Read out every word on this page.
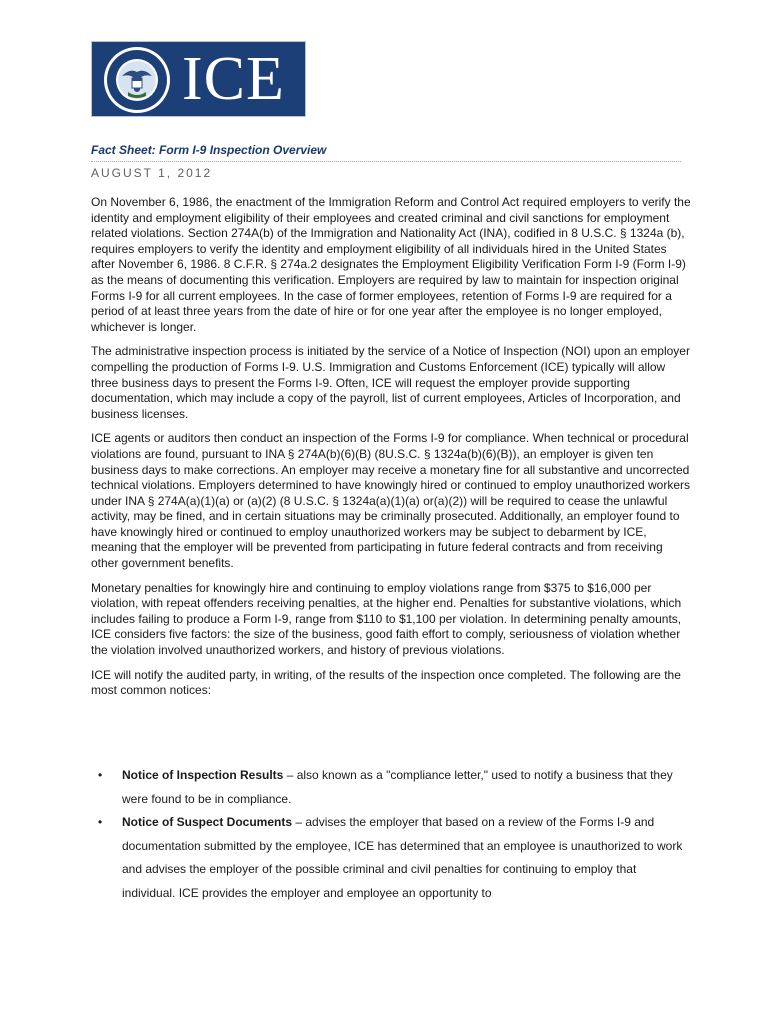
ICE
Fact Sheet: Form I-9 Inspection Overview
AUGUST 1, 2012

On November 6, 1986, the enactment of the Immigration Reform and Control Act required employers to verify the identity and employment eligibility of their employees and created criminal and civil sanctions for employment related violations. Section 274A(b) of the Immigration and Nationality Act (INA), codified in 8 U.S.C. § 1324a (b), requires employers to verify the identity and employment eligibility of all individuals hired in the United States after November 6, 1986. 8 C.F.R. § 274a.2 designates the Employment Eligibility Verification Form I-9 (Form I-9) as the means of documenting this verification. Employers are required by law to maintain for inspection original Forms I-9 for all current employees. In the case of former employees, retention of Forms I-9 are required for a period of at least three years from the date of hire or for one year after the employee is no longer employed, whichever is longer.

The administrative inspection process is initiated by the service of a Notice of Inspection (NOI) upon an employer compelling the production of Forms I-9. U.S. Immigration and Customs Enforcement (ICE) typically will allow three business days to present the Forms I-9. Often, ICE will request the employer provide supporting documentation, which may include a copy of the payroll, list of current employees, Articles of Incorporation, and business licenses.

ICE agents or auditors then conduct an inspection of the Forms I-9 for compliance. When technical or procedural violations are found, pursuant to INA § 274A(b)(6)(B) (8U.S.C. § 1324a(b)(6)(B)), an employer is given ten business days to make corrections. An employer may receive a monetary fine for all substantive and uncorrected technical violations. Employers determined to have knowingly hired or continued to employ unauthorized workers under INA § 274A(a)(1)(a) or (a)(2) (8 U.S.C. § 1324a(a)(1)(a) or(a)(2)) will be required to cease the unlawful activity, may be fined, and in certain situations may be criminally prosecuted. Additionally, an employer found to have knowingly hired or continued to employ unauthorized workers may be subject to debarment by ICE, meaning that the employer will be prevented from participating in future federal contracts and from receiving other government benefits.

Monetary penalties for knowingly hire and continuing to employ violations range from $375 to $16,000 per violation, with repeat offenders receiving penalties, at the higher end. Penalties for substantive violations, which includes failing to produce a Form I-9, range from $110 to $1,100 per violation. In determining penalty amounts, ICE considers five factors: the size of the business, good faith effort to comply, seriousness of violation whether the violation involved unauthorized workers, and history of previous violations.

ICE will notify the audited party, in writing, of the results of the inspection once completed. The following are the most common notices:

• Notice of Inspection Results – also known as a "compliance letter," used to notify a business that they were found to be in compliance.
• Notice of Suspect Documents – advises the employer that based on a review of the Forms I-9 and documentation submitted by the employee, ICE has determined that an employee is unauthorized to work and advises the employer of the possible criminal and civil penalties for continuing to employ that individual. ICE provides the employer and employee an opportunity to
